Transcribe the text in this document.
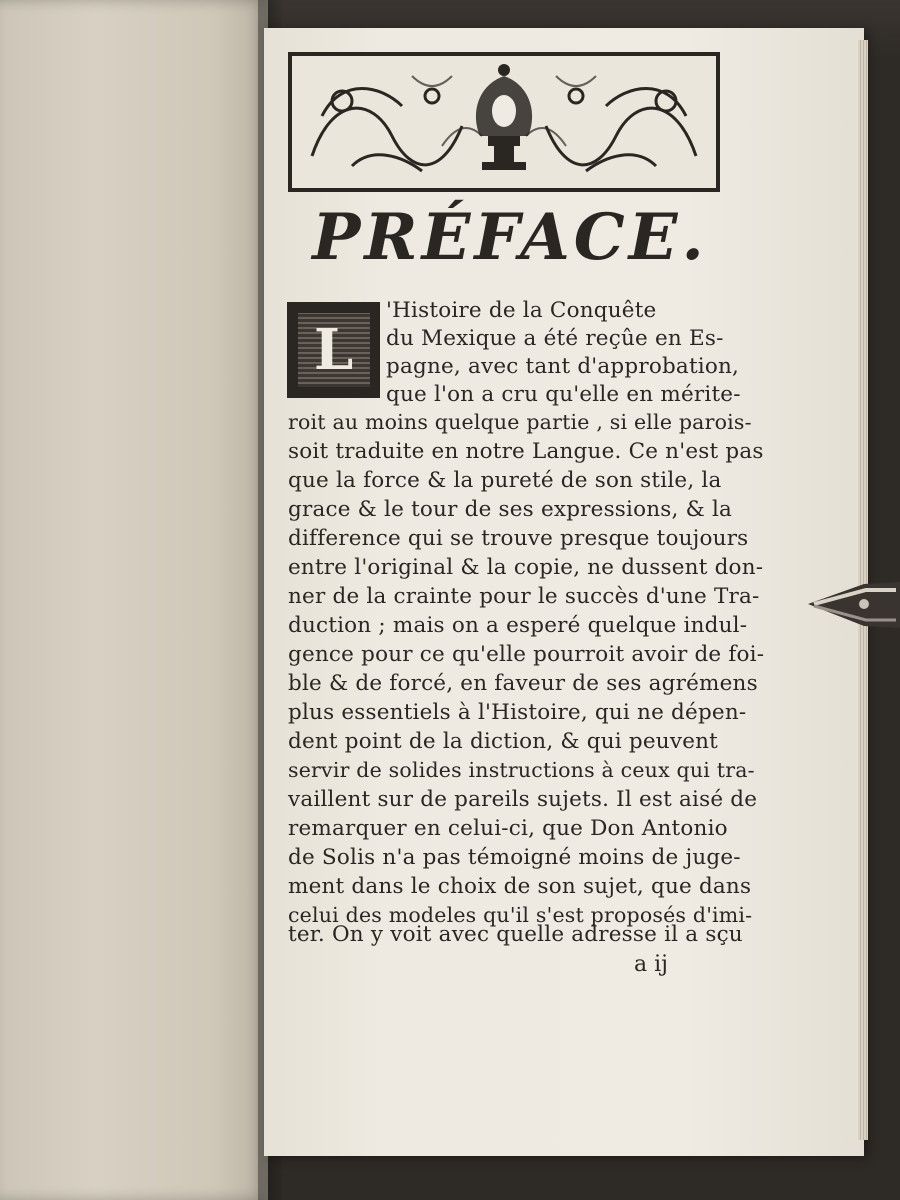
PRÉFACE.
L
'Histoire de la Conquête
du Mexique a été reçûe en Es-
pagne, avec tant d'approbation,
que l'on a cru qu'elle en mérite-
roit au moins quelque partie , si elle parois-
soit traduite en notre Langue. Ce n'est pas
que la force & la pureté de son stile, la
grace & le tour de ses expressions, & la
difference qui se trouve presque toujours
entre l'original & la copie, ne dussent don-
ner de la crainte pour le succès d'une Tra-
duction ; mais on a esperé quelque indul-
gence pour ce qu'elle pourroit avoir de foi-
ble & de forcé, en faveur de ses agrémens
plus essentiels à l'Histoire, qui ne dépen-
dent point de la diction, & qui peuvent
servir de solides instructions à ceux qui tra-
vaillent sur de pareils sujets. Il est aisé de
remarquer en celui-ci, que Don Antonio
de Solis n'a pas témoigné moins de juge-
ment dans le choix de son sujet, que dans
celui des modeles qu'il s'est proposés d'imi-
ter. On y voit avec quelle adresse il a sçu
a ij
